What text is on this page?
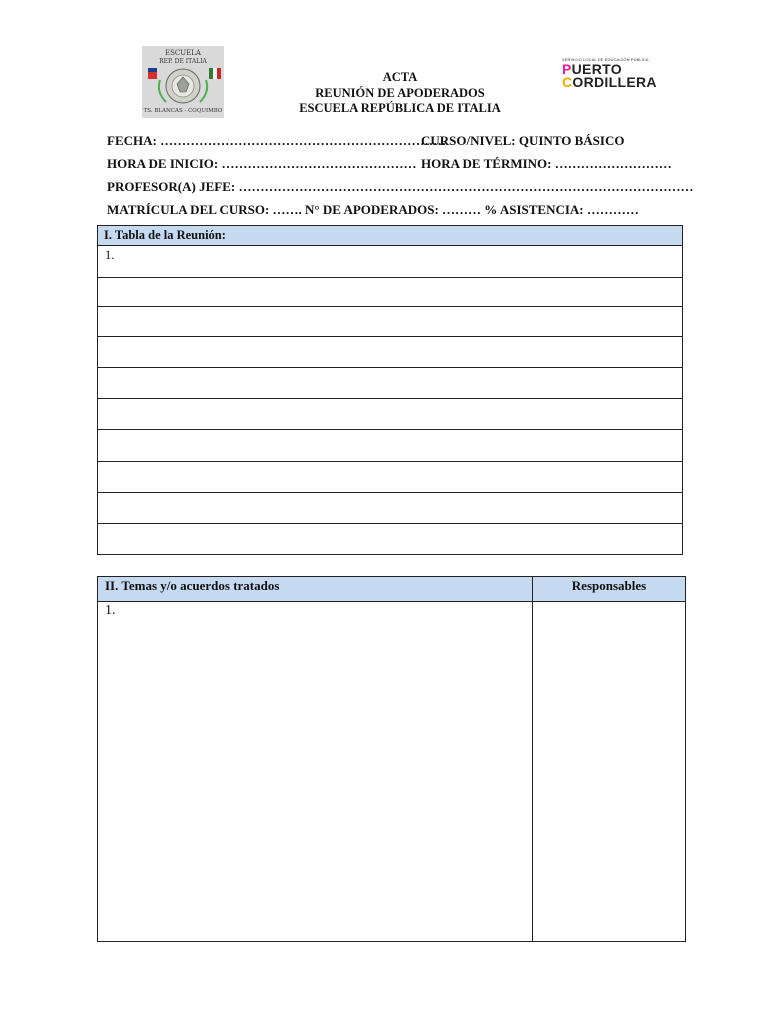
ESCUELA
REP. DE ITALIA
TS. BLANCAS - COQUIMBO
SERVICIO LOCAL DE EDUCACIÓN PÚBLICA
PUERTO
CORDILLERA
ACTA
REUNIÓN DE APODERADOS
ESCUELA REPÚBLICA DE ITALIA
FECHA: …………………………………………………………
CURSO/NIVEL: QUINTO BÁSICO
HORA DE INICIO: ……………………………………… HORA DE TÉRMINO: ………………………
PROFESOR(A) JEFE: ……………………………………………………………………………………………
MATRÍCULA DEL CURSO: ……. N° DE APODERADOS: ……… % ASISTENCIA: …………
I. Tabla de la Reunión:
1.
II. Temas y/o acuerdos tratados	Responsables
1.
